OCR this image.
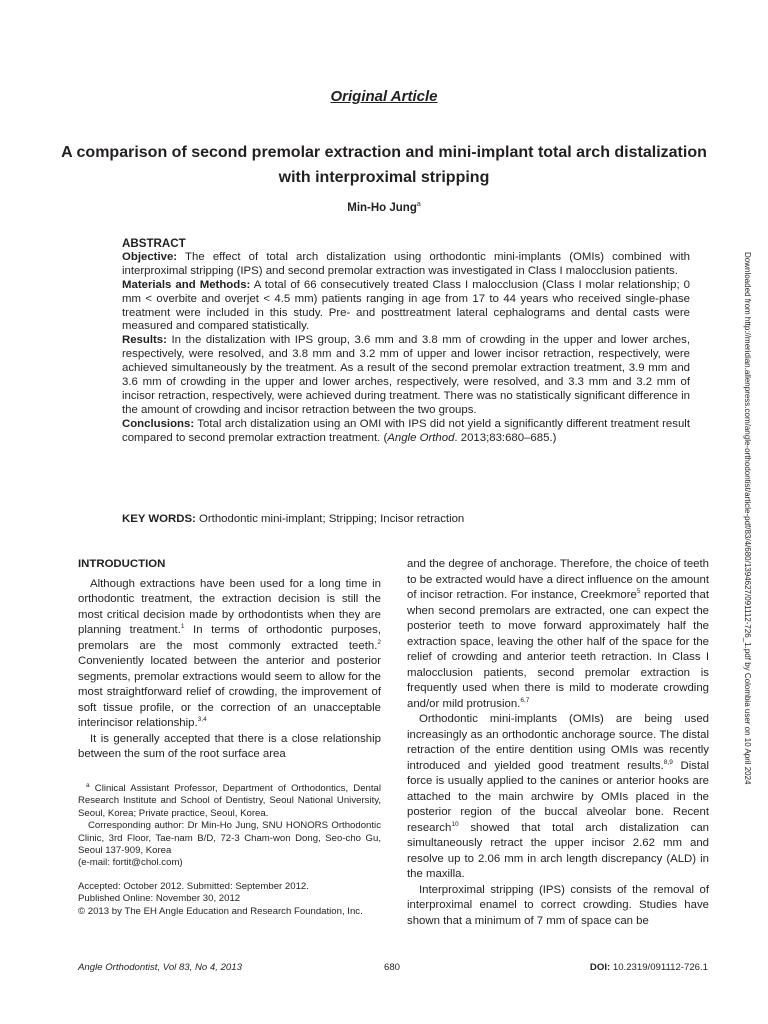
Original Article
A comparison of second premolar extraction and mini-implant total arch distalization with interproximal stripping
Min-Ho Jung$^a$
ABSTRACT

Objective: The effect of total arch distalization using orthodontic mini-implants (OMIs) combined with interproximal stripping (IPS) and second premolar extraction was investigated in Class I malocclusion patients.

Materials and Methods: A total of 66 consecutively treated Class I malocclusion (Class I molar relationship; 0 mm < overbite and overjet < 4.5 mm) patients ranging in age from 17 to 44 years who received single-phase treatment were included in this study. Pre- and posttreatment lateral cephalograms and dental casts were measured and compared statistically.

Results: In the distalization with IPS group, 3.6 mm and 3.8 mm of crowding in the upper and lower arches, respectively, were resolved, and 3.8 mm and 3.2 mm of upper and lower incisor retraction, respectively, were achieved simultaneously by the treatment. As a result of the second premolar extraction treatment, 3.9 mm and 3.6 mm of crowding in the upper and lower arches, respectively, were resolved, and 3.3 mm and 3.2 mm of incisor retraction, respectively, were achieved during treatment. There was no statistically significant difference in the amount of crowding and incisor retraction between the two groups.

Conclusions: Total arch distalization using an OMI with IPS did not yield a significantly different treatment result compared to second premolar extraction treatment. (Angle Orthod. 2013;83:680–685.)

KEY WORDS: Orthodontic mini-implant; Stripping; Incisor retraction
INTRODUCTION

Although extractions have been used for a long time in orthodontic treatment, the extraction decision is still the most critical decision made by orthodontists when they are planning treatment.$^1$ In terms of orthodontic purposes, premolars are the most commonly extracted teeth.$^2$ Conveniently located between the anterior and posterior segments, premolar extractions would seem to allow for the most straightforward relief of crowding, the improvement of soft tissue profile, or the correction of an unacceptable interincisor relationship.$^{3,4}$

It is generally accepted that there is a close relationship between the sum of the root surface area

and the degree of anchorage. Therefore, the choice of teeth to be extracted would have a direct influence on the amount of incisor retraction. For instance, Creekmore$^5$ reported that when second premolars are extracted, one can expect the posterior teeth to move forward approximately half the extraction space, leaving the other half of the space for the relief of crowding and anterior teeth retraction. In Class I malocclusion patients, second premolar extraction is frequently used when there is mild to moderate crowding and/or mild protrusion.$^{6,7}$

Orthodontic mini-implants (OMIs) are being used increasingly as an orthodontic anchorage source. The distal retraction of the entire dentition using OMIs was recently introduced and yielded good treatment results.$^{8,9}$ Distal force is usually applied to the canines or anterior hooks are attached to the main archwire by OMIs placed in the posterior region of the buccal alveolar bone. Recent research$^{10}$ showed that total arch distalization can simultaneously retract the upper incisor 2.62 mm and resolve up to 2.06 mm in arch length discrepancy (ALD) in the maxilla.

Interproximal stripping (IPS) consists of the removal of interproximal enamel to correct crowding. Studies have shown that a minimum of 7 mm of space can be

$^a$ Clinical Assistant Professor, Department of Orthodontics, Dental Research Institute and School of Dentistry, Seoul National University, Seoul, Korea; Private practice, Seoul, Korea.

Corresponding author: Dr Min-Ho Jung, SNU HONORS Orthodontic Clinic, 3rd Floor, Tae-nam B/D, 72-3 Cham-won Dong, Seo-cho Gu, Seoul 137-909, Korea

(e-mail: fortit@chol.com)

Accepted: October 2012. Submitted: September 2012.

Published Online: November 30, 2012

© 2013 by The EH Angle Education and Research Foundation, Inc.

Angle Orthodontist, Vol 83, No 4, 2013	680	DOI: 10.2319/091112-726.1
Downloaded from http://meridian.allenpress.com/angle-orthodontist/article-pdf/83/4/680/1394627/091112-726_1.pdf by Colombia user on 10 April 2024
